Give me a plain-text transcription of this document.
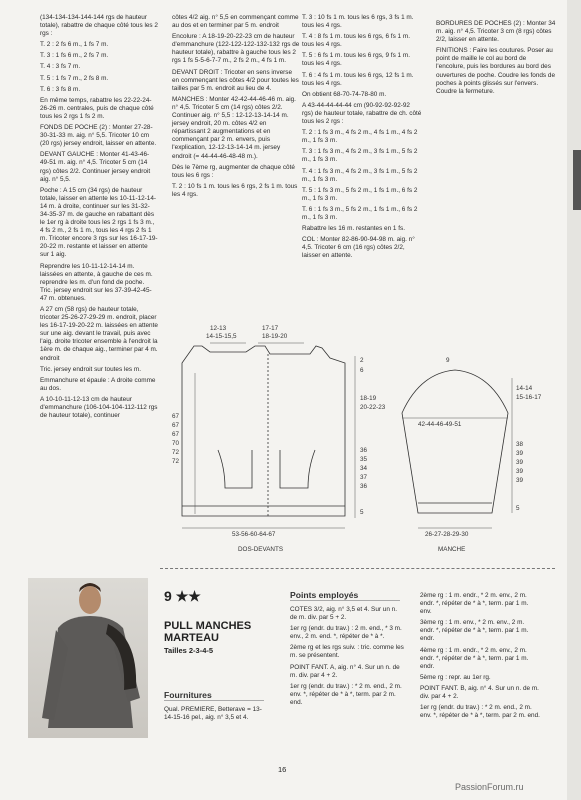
(134-134-134-144-144 rgs de hauteur totale), rabattre de chaque côté tous les 2 rgs :

T. 2 : 2 fs 6 m., 1 fs 7 m.

T. 3 : 1 fs 6 m., 2 fs 7 m.

T. 4 : 3 fs 7 m.

T. 5 : 1 fs 7 m., 2 fs 8 m.

T. 6 : 3 fs 8 m.

En même temps, rabattre les 22-22-24-26-26 m. centrales, puis de chaque côté tous les 2 rgs 1 fs 2 m.

FONDS DE POCHE (2) : Monter 27-28-30-31-33 m. aig. n° 5,5. Tricoter 10 cm (20 rgs) jersey endroit, laisser en attente.

DEVANT GAUCHE : Monter 41-43-46-49-51 m. aig. n° 4,5. Tricoter 5 cm (14 rgs) côtes 2/2. Continuer jersey endroit aig. n° 5,5.

Poche : A 15 cm (34 rgs) de hauteur totale, laisser en attente les 10-11-12-14-14 m. à droite, continuer sur les 31-32-34-35-37 m. de gauche en rabattant dès le 1er rg à droite tous les 2 rgs 1 fs 3 m., 4 fs 2 m., 2 fs 1 m., tous les 4 rgs 2 fs 1 m. Tricoter encore 3 rgs sur les 16-17-19-20-22 m. restante et laisser en attente sur 1 aig.

Reprendre les 10-11-12-14-14 m. laissées en attente, à gauche de ces m. reprendre les m. d'un fond de poche. Tric. jersey endroit sur les 37-39-42-45-47 m. obtenues.

A 27 cm (58 rgs) de hauteur totale, tricoter 25-26-27-29-29 m. endroit, placer les 16-17-19-20-22 m. laissées en attente sur une aig. devant le travail, puis avec l'aig. droite tricoter ensemble à l'endroit la 1ère m. de chaque aig., terminer par 4 m. endroit

Tric. jersey endroit sur toutes les m.

Emmanchure et épaule : A droite comme au dos.

A 10-10-11-12-13 cm de hauteur d'emmanchure (106-104-104-112-112 rgs de hauteur totale), continuer

côtes 4/2 aig. n° 5,5 en commençant comme au dos et en terminer par 5 m. endroit

Encolure : A 18-19-20-22-23 cm de hauteur d'emmanchure (122-122-122-132-132 rgs de hauteur totale), rabattre à gauche tous les 2 rgs 1 fs 5-5-6-7-7 m., 2 fs 2 m., 4 fs 1 m.

DEVANT DROIT : Tricoter en sens inverse en commençant les côtes 4/2 pour toutes les tailles par 5 m. endroit au lieu de 4.

MANCHES : Monter 42-42-44-46-46 m. aig. n° 4,5. Tricoter 5 cm (14 rgs) côtes 2/2. Continuer aig. n° 5,5 : 12-12-13-14-14 m. jersey endroit, 20 m. côtes 4/2 en répartissant 2 augmentations et en commençant par 2 m. envers, puis l'explication, 12-12-13-14-14 m. jersey endroit (= 44-44-46-48-48 m.).

Dès le 7ème rg, augmenter de chaque côté tous les 6 rgs :

T. 2 : 10 fs 1 m. tous les 6 rgs, 2 fs 1 m. tous les 4 rgs.

T. 3 : 10 fs 1 m. tous les 6 rgs, 3 fs 1 m. tous les 4 rgs.

T. 4 : 8 fs 1 m. tous les 6 rgs, 6 fs 1 m. tous les 4 rgs.

T. 5 : 6 fs 1 m. tous les 6 rgs, 9 fs 1 m. tous les 4 rgs.

T. 6 : 4 fs 1 m. tous les 6 rgs, 12 fs 1 m. tous les 4 rgs.

On obtient 68-70-74-78-80 m.

A 43-44-44-44-44 cm (90-92-92-92-92 rgs) de hauteur totale, rabattre de ch. côté tous les 2 rgs :

T. 2 : 1 fs 3 m., 4 fs 2 m., 4 fs 1 m., 4 fs 2 m., 1 fs 3 m.

T. 3 : 1 fs 3 m., 4 fs 2 m., 3 fs 1 m., 5 fs 2 m., 1 fs 3 m.

T. 4 : 1 fs 3 m., 4 fs 2 m., 3 fs 1 m., 5 fs 2 m., 1 fs 3 m.

T. 5 : 1 fs 3 m., 5 fs 2 m., 1 fs 1 m., 6 fs 2 m., 1 fs 3 m.

T. 6 : 1 fs 3 m., 5 fs 2 m., 1 fs 1 m., 6 fs 2 m., 1 fs 3 m.

Rabattre les 16 m. restantes en 1 fs.

COL : Monter 82-86-90-94-98 m. aig. n° 4,5. Tricoter 6 cm (16 rgs) côtes 2/2, laisser en attente.

BORDURES DE POCHES (2) : Monter 34 m. aig. n° 4,5. Tricoter 3 cm (8 rgs) côtes 2/2, laisser en attente.

FINITIONS : Faire les coutures. Poser au point de maille le col au bord de l'encolure, puis les bordures au bord des ouvertures de poche. Coudre les fonds de poches à points glissés sur l'envers. Coudre la fermeture.

12-13
14-15-15,5
17-17
18-19-20
2
6
18-19
20-22-23
36
35
34
37
36
5
67
67
67
70
72
72
53-56-60-64-67
DOS-DEVANTS
9
14-14
15-16-17
42-44-46-49-51
38
39
39
39
39
5
26-27-28-29-30
MANCHE
9 ★★
PULL MANCHES MARTEAU
Tailles 2-3-4-5
Fournitures
Qual. PREMIERE, Betterave = 13-14-15-16 pel., aig. n° 3,5 et 4.
Points employés

COTES 3/2, aig. n° 3,5 et 4. Sur un n. de m. div. par 5 + 2.

1er rg (endr. du trav.) : 2 m. end., * 3 m. env., 2 m. end. *, répéter de * à *.

2ème rg et les rgs suiv. : tric. comme les m. se présentent.

POINT FANT. A, aig. n° 4. Sur un n. de m. div. par 4 + 2.

1er rg (endr. du trav.) : * 2 m. end., 2 m. env. *, répéter de * à *, term. par 2 m. end.

2ème rg : 1 m. endr., * 2 m. env., 2 m. endr. *, répéter de * à *, term. par 1 m. env.

3ème rg : 1 m. env., * 2 m. env., 2 m. endr. *, répéter de * à *, term. par 1 m. endr.

4ème rg : 1 m. endr., * 2 m. env., 2 m. endr. *, répéter de * à *, term. par 1 m. endr.

5ème rg : repr. au 1er rg.

POINT FANT. B, aig. n° 4. Sur un n. de m. div. par 4 + 2.

1er rg (endr. du trav.) : * 2 m. end., 2 m. env. *, répéter de * à *, term. par 2 m. end.

16
PassionForum.ru
